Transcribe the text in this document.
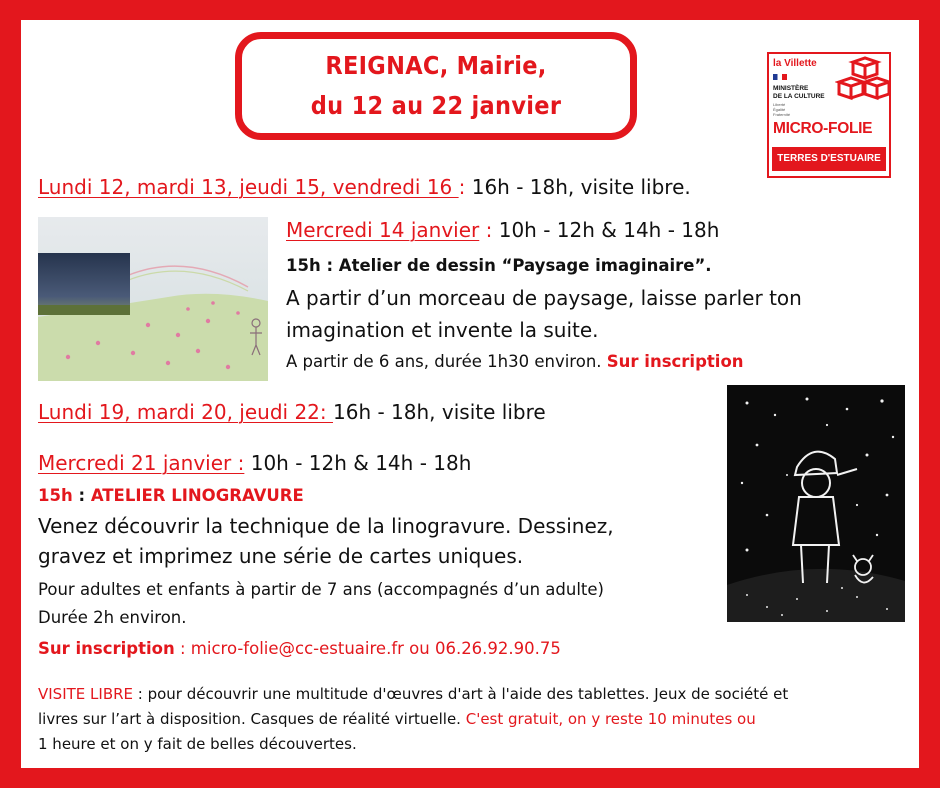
REIGNAC, Mairie,
du 12 au 22 janvier
la Villette
MINISTÈRE
DE LA CULTURE
Liberté
Égalité
Fraternité
MICRO-FOLIE
TERRES D'ESTUAIRE
Lundi 12, mardi 13, jeudi 15, vendredi 16 : 16h - 18h, visite libre.
Mercredi 14 janvier : 10h - 12h & 14h - 18h
15h : Atelier de dessin “Paysage imaginaire”.
A partir d’un morceau de paysage, laisse parler ton
imagination et invente la suite.
A partir de 6 ans, durée 1h30 environ. Sur inscription
Lundi 19, mardi 20, jeudi 22: 16h - 18h, visite libre
Mercredi 21 janvier : 10h - 12h & 14h - 18h
15h : ATELIER LINOGRAVURE
Venez découvrir la technique de la linogravure. Dessinez,
gravez et imprimez une série de cartes uniques.
Pour adultes et enfants à partir de 7 ans (accompagnés d’un adulte)
Durée 2h environ.
Sur inscription : micro-folie@cc-estuaire.fr ou 06.26.92.90.75
VISITE LIBRE : pour découvrir une multitude d'œuvres d'art à l'aide des tablettes. Jeux de société et
livres sur l’art à disposition. Casques de réalité virtuelle. C'est gratuit, on y reste 10 minutes ou
1 heure et on y fait de belles découvertes.
